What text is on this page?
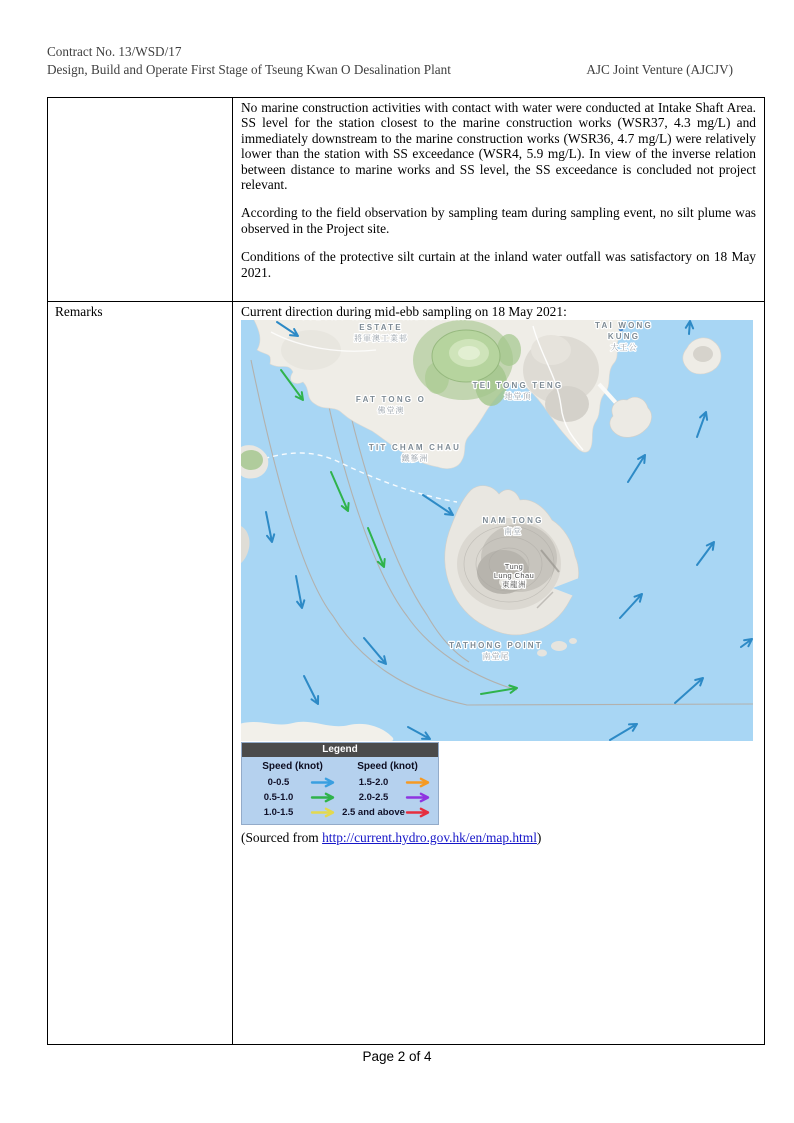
Contract No. 13/WSD/17
Design, Build and Operate First Stage of Tseung Kwan O Desalination Plant	AJC Joint Venture (AJCJV)

No marine construction activities with contact with water were conducted at Intake Shaft Area. SS level for the station closest to the marine construction works (WSR37, 4.3 mg/L) and immediately downstream to the marine construction works (WSR36, 4.7 mg/L) were relatively lower than the station with SS exceedance (WSR4, 5.9 mg/L). In view of the inverse relation between distance to marine works and SS level, the SS exceedance is concluded not project relevant.

According to the field observation by sampling team during sampling event, no silt plume was observed in the Project site.

Conditions of the protective silt curtain at the inland water outfall was satisfactory on 18 May 2021.

Remarks	Current direction during mid-ebb sampling on 18 May 2021:
ESTATE 將軍澳工業邨
TAI WONG KUNG 大王公
TEI TONG TENG 地堂頂
FAT TONG O 佛堂澳
TIT CHAM CHAU 鐵篸洲
NAM TONG 南堂
Tung Lung Chau 東龍洲
TATHONG POINT 南堂尾
Legend
Speed (knot)
0-0.5
0.5-1.0
1.0-1.5
Speed (knot)
1.5-2.0
2.0-2.5
2.5 and above
(Sourced from http://current.hydro.gov.hk/en/map.html)
Page 2 of 4
